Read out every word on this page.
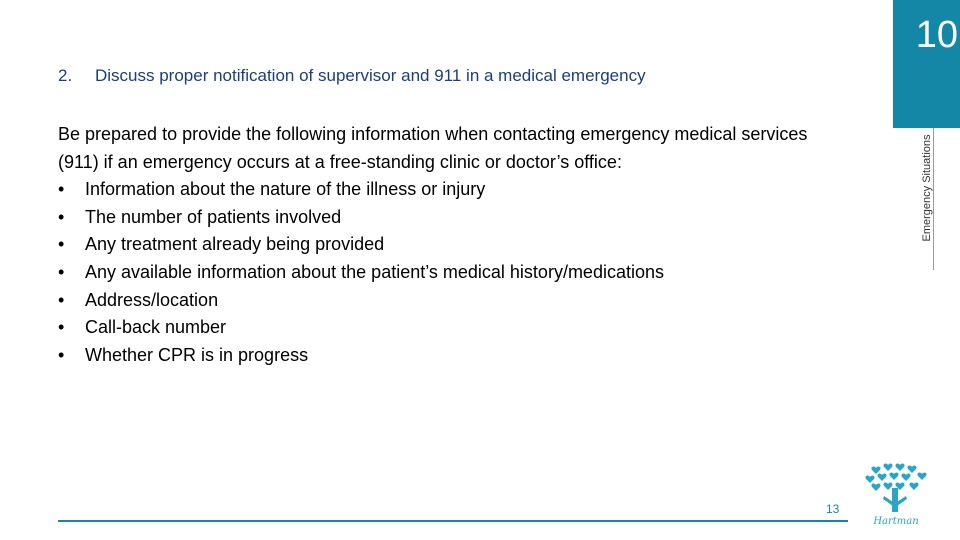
10
Emergency Situations
2. Discuss proper notification of supervisor and 911 in a medical emergency

Be prepared to provide the following information when contacting emergency medical services (911) if an emergency occurs at a free-standing clinic or doctor’s office:

• Information about the nature of the illness or injury
• The number of patients involved
• Any treatment already being provided
• Any available information about the patient’s medical history/medications
• Address/location
• Call-back number
• Whether CPR is in progress
13
Hartman
